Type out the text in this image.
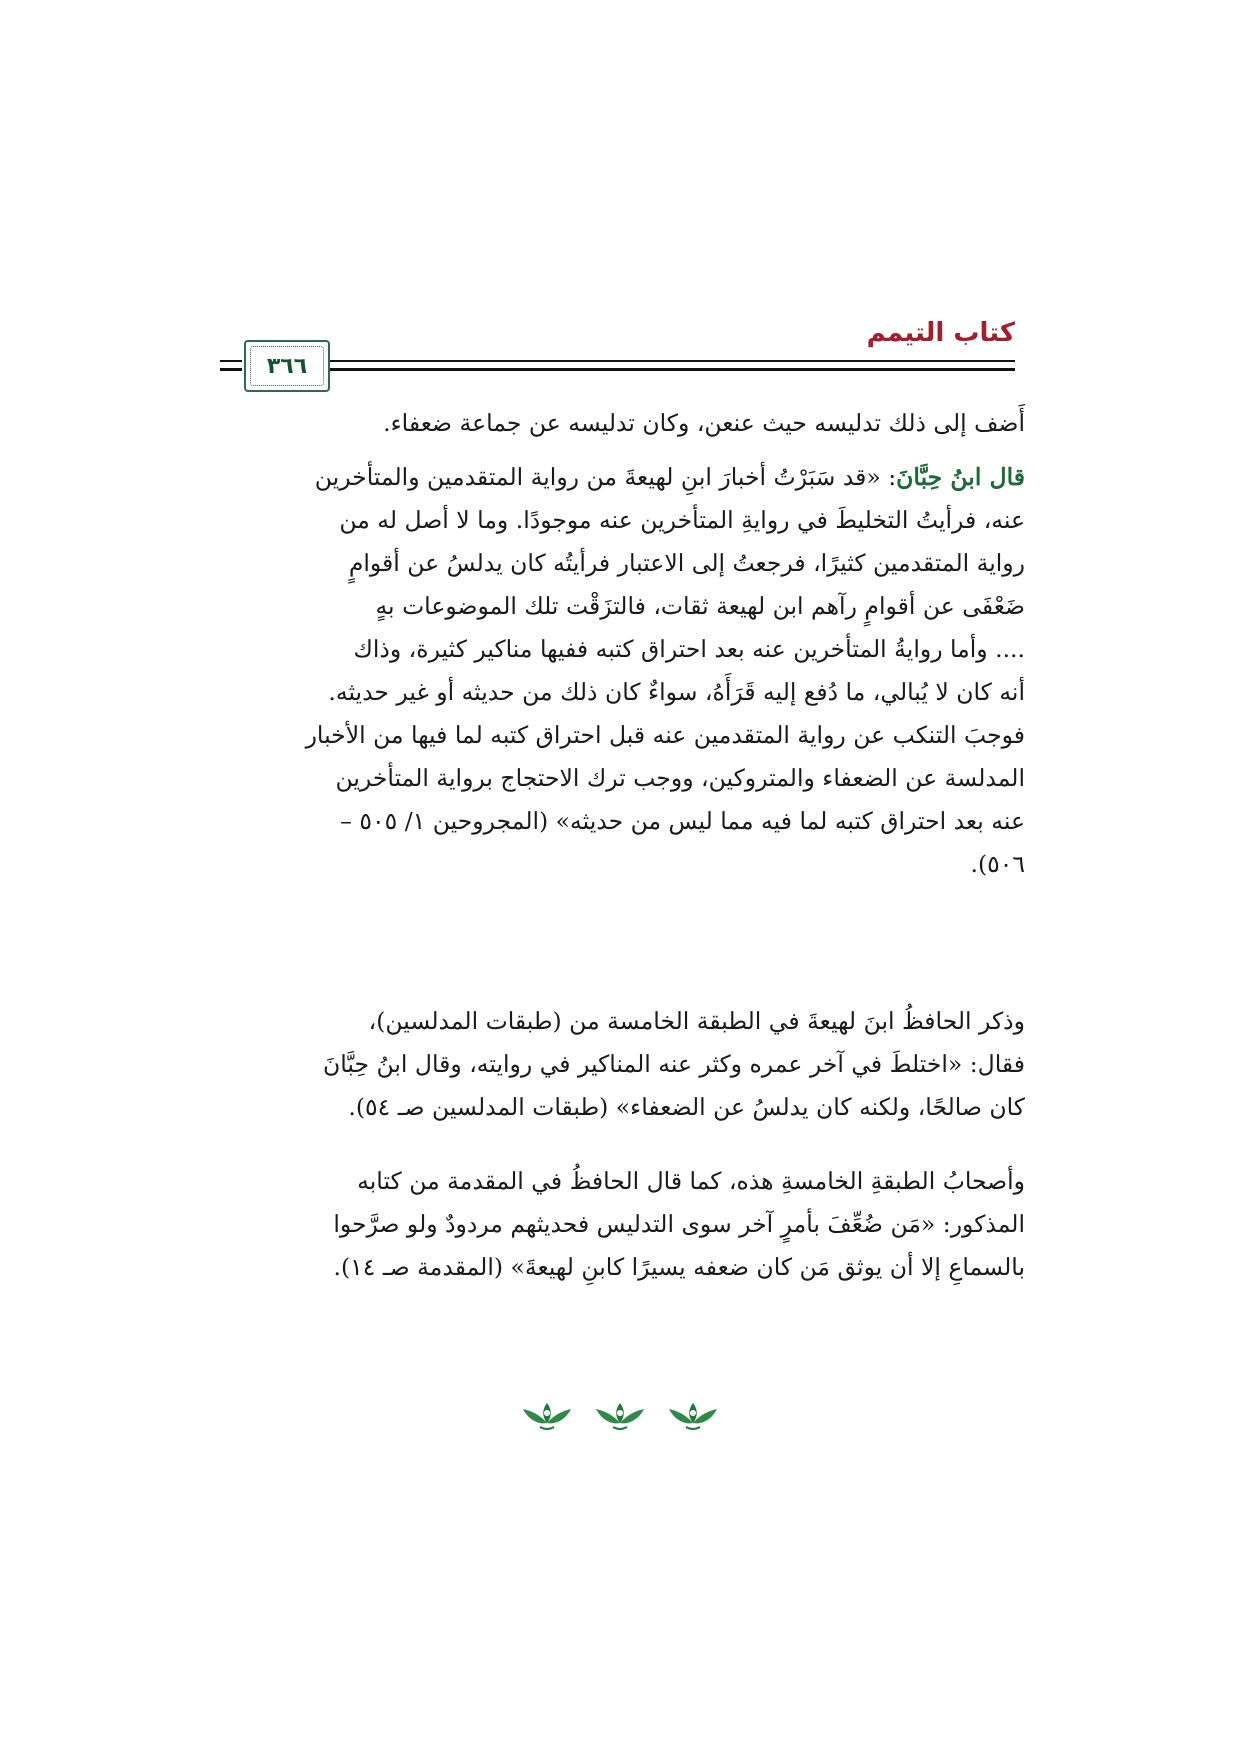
٣٦٦
كتاب التيمم

أَضف إلى ذلك تدليسه حيث عنعن، وكان تدليسه عن جماعة ضعفاء.

قال ابنُ حِبَّانَ: «قد سَبَرْتُ أخبارَ ابنِ لهيعةَ من رواية المتقدمين والمتأخرين
عنه، فرأيتُ التخليطَ في روايةِ المتأخرين عنه موجودًا. وما لا أصل له من
رواية المتقدمين كثيرًا، فرجعتُ إلى الاعتبار فرأيتُه كان يدلسُ عن أقوامٍ
ضَعْفَى عن أقوامٍ رآهم ابن لهيعة ثقات، فالتزَقْت تلك الموضوعات بهٍ
.... وأما روايةُ المتأخرين عنه بعد احتراق كتبه ففيها مناكير كثيرة، وذاك
أنه كان لا يُبالي، ما دُفع إليه قَرَأَهُ، سواءٌ كان ذلك من حديثه أو غير حديثه.
فوجبَ التنكب عن رواية المتقدمين عنه قبل احتراق كتبه لما فيها من الأخبار
المدلسة عن الضعفاء والمتروكين، ووجب ترك الاحتجاج برواية المتأخرين
عنه بعد احتراق كتبه لما فيه مما ليس من حديثه» (المجروحين ١/ ٥٠٥ –
٥٠٦).

وذكر الحافظُ ابنَ لهيعةَ في الطبقة الخامسة من (طبقات المدلسين)،
فقال: «اختلطَ في آخر عمره وكثر عنه المناكير في روايته، وقال ابنُ حِبَّانَ
كان صالحًا، ولكنه كان يدلسُ عن الضعفاء» (طبقات المدلسين صـ ٥٤).

وأصحابُ الطبقةِ الخامسةِ هذه، كما قال الحافظُ في المقدمة من كتابه
المذكور: «مَن ضُعِّفَ بأمرٍ آخر سوى التدليس فحديثهم مردودٌ ولو صرَّحوا
بالسماعِ إلا أن يوثق مَن كان ضعفه يسيرًا كابنِ لهيعةَ» (المقدمة صـ ١٤).
